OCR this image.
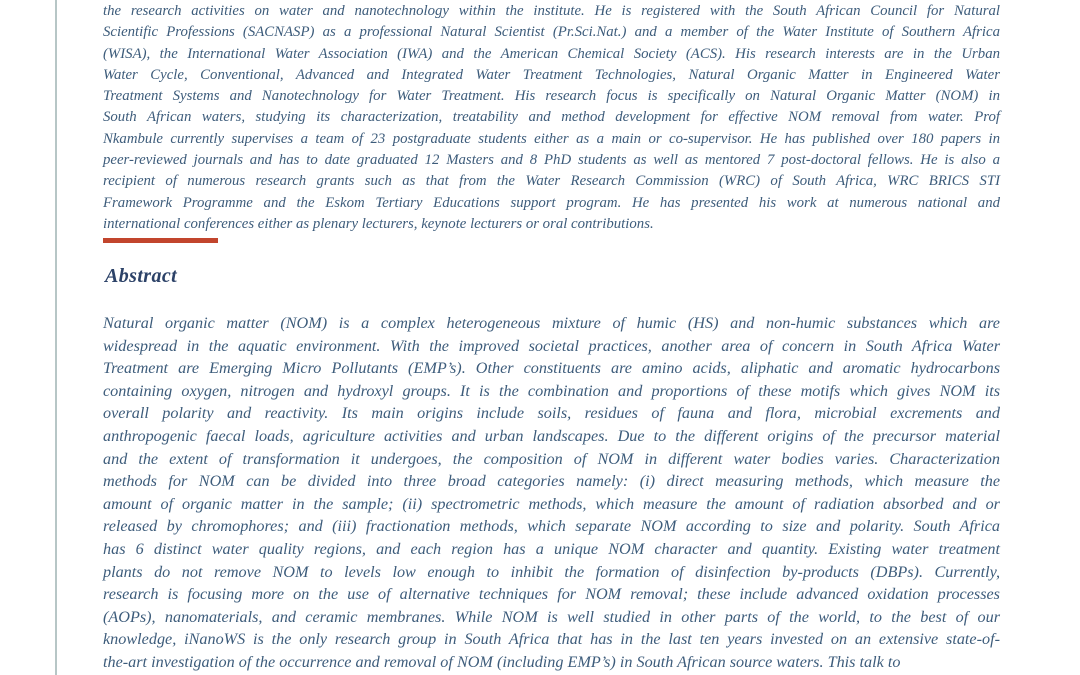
the research activities on water and nanotechnology within the institute. He is registered with the South African Council for Natural
Scientific Professions (SACNASP) as a professional Natural Scientist (Pr.Sci.Nat.) and a member of the Water Institute of Southern Africa
(WISA), the International Water Association (IWA) and the American Chemical Society (ACS). His research interests are in the Urban
Water Cycle, Conventional, Advanced and Integrated Water Treatment Technologies, Natural Organic Matter in Engineered Water
Treatment Systems and Nanotechnology for Water Treatment. His research focus is specifically on Natural Organic Matter (NOM) in
South African waters, studying its characterization, treatability and method development for effective NOM removal from water. Prof
Nkambule currently supervises a team of 23 postgraduate students either as a main or co-supervisor. He has published over 180 papers in
peer-reviewed journals and has to date graduated 12 Masters and 8 PhD students as well as mentored 7 post-doctoral fellows. He is also a
recipient of numerous research grants such as that from the Water Research Commission (WRC) of South Africa, WRC BRICS STI
Framework Programme and the Eskom Tertiary Educations support program. He has presented his work at numerous national and
international conferences either as plenary lecturers, keynote lecturers or oral contributions.
Abstract
Natural organic matter (NOM) is a complex heterogeneous mixture of humic (HS) and non-humic substances which are
widespread in the aquatic environment. With the improved societal practices, another area of concern in South Africa Water
Treatment are Emerging Micro Pollutants (EMP’s). Other constituents are amino acids, aliphatic and aromatic hydrocarbons
containing oxygen, nitrogen and hydroxyl groups. It is the combination and proportions of these motifs which gives NOM its
overall polarity and reactivity. Its main origins include soils, residues of fauna and flora, microbial excrements and
anthropogenic faecal loads, agriculture activities and urban landscapes. Due to the different origins of the precursor material
and the extent of transformation it undergoes, the composition of NOM in different water bodies varies. Characterization
methods for NOM can be divided into three broad categories namely: (i) direct measuring methods, which measure the
amount of organic matter in the sample; (ii) spectrometric methods, which measure the amount of radiation absorbed and or
released by chromophores; and (iii) fractionation methods, which separate NOM according to size and polarity. South Africa
has 6 distinct water quality regions, and each region has a unique NOM character and quantity. Existing water treatment
plants do not remove NOM to levels low enough to inhibit the formation of disinfection by-products (DBPs). Currently,
research is focusing more on the use of alternative techniques for NOM removal; these include advanced oxidation processes
(AOPs), nanomaterials, and ceramic membranes. While NOM is well studied in other parts of the world, to the best of our
knowledge, iNanoWS is the only research group in South Africa that has in the last ten years invested on an extensive state-of-
the-art investigation of the occurrence and removal of NOM (including EMP’s) in South African source waters. This talk to
